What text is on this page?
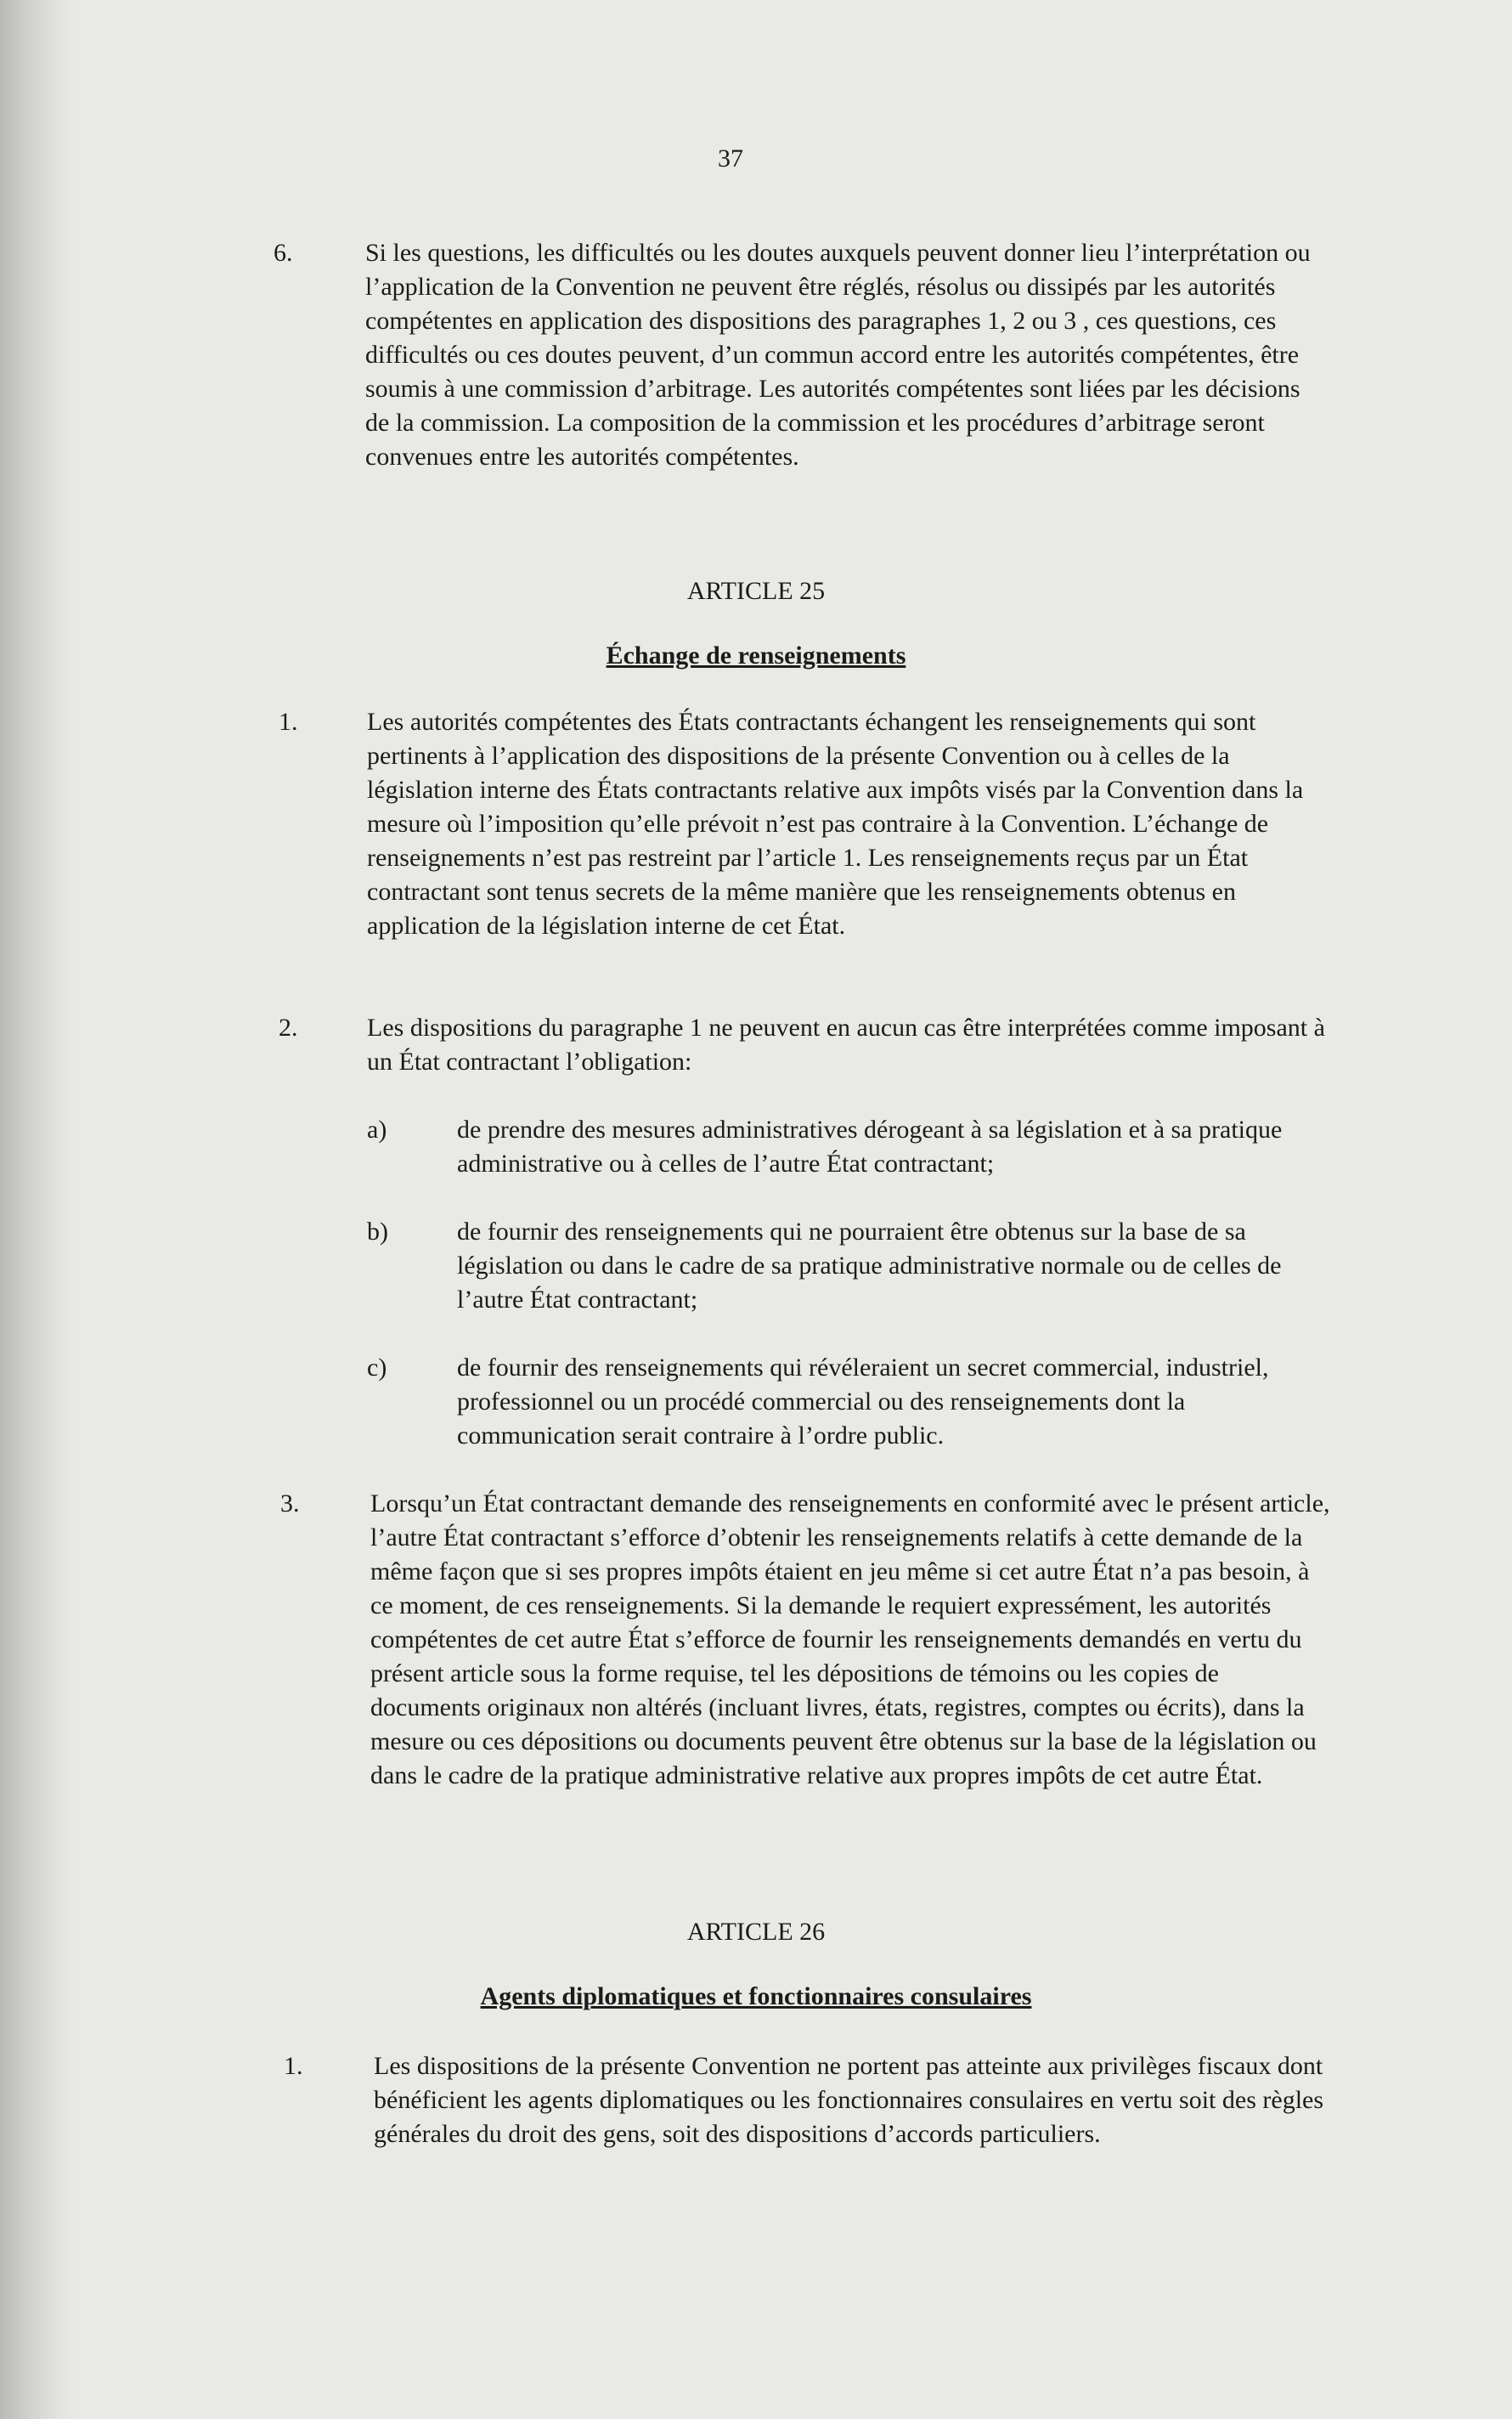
37
6.	Si les questions, les difficultés ou les doutes auxquels peuvent donner lieu l’interprétation ou l’application de la Convention ne peuvent être réglés, résolus ou dissipés par les autorités compétentes en application des dispositions des paragraphes 1, 2 ou 3 , ces questions, ces difficultés ou ces doutes peuvent, d’un commun accord entre les autorités compétentes, être soumis à une commission d’arbitrage. Les autorités compétentes sont liées par les décisions de la commission. La composition de la commission et les procédures d’arbitrage seront convenues entre les autorités compétentes.

ARTICLE 25
Échange de renseignements
1.	Les autorités compétentes des États contractants échangent les renseignements qui sont pertinents à l’application des dispositions de la présente Convention ou à celles de la législation interne des États contractants relative aux impôts visés par la Convention dans la mesure où l’imposition qu’elle prévoit n’est pas contraire à la Convention. L’échange de renseignements n’est pas restreint par l’article 1. Les renseignements reçus par un État contractant sont tenus secrets de la même manière que les renseignements obtenus en application de la législation interne de cet État.

2.	Les dispositions du paragraphe 1 ne peuvent en aucun cas être interprétées comme imposant à un État contractant l’obligation:

a)	de prendre des mesures administratives dérogeant à sa législation et à sa pratique administrative ou à celles de l’autre État contractant;

b)	de fournir des renseignements qui ne pourraient être obtenus sur la base de sa législation ou dans le cadre de sa pratique administrative normale ou de celles de l’autre État contractant;

c)	de fournir des renseignements qui révéleraient un secret commercial, industriel, professionnel ou un procédé commercial ou des renseignements dont la communication serait contraire à l’ordre public.

3.	Lorsqu’un État contractant demande des renseignements en conformité avec le présent article, l’autre État contractant s’efforce d’obtenir les renseignements relatifs à cette demande de la même façon que si ses propres impôts étaient en jeu même si cet autre État n’a pas besoin, à ce moment, de ces renseignements. Si la demande le requiert expressément, les autorités compétentes de cet autre État s’efforce de fournir les renseignements demandés en vertu du présent article sous la forme requise, tel les dépositions de témoins ou les copies de documents originaux non altérés (incluant livres, états, registres, comptes ou écrits), dans la mesure ou ces dépositions ou documents peuvent être obtenus sur la base de la législation ou dans le cadre de la pratique administrative relative aux propres impôts de cet autre État.

ARTICLE 26
Agents diplomatiques et fonctionnaires consulaires
1.	Les dispositions de la présente Convention ne portent pas atteinte aux privilèges fiscaux dont bénéficient les agents diplomatiques ou les fonctionnaires consulaires en vertu soit des règles générales du droit des gens, soit des dispositions d’accords particuliers.
